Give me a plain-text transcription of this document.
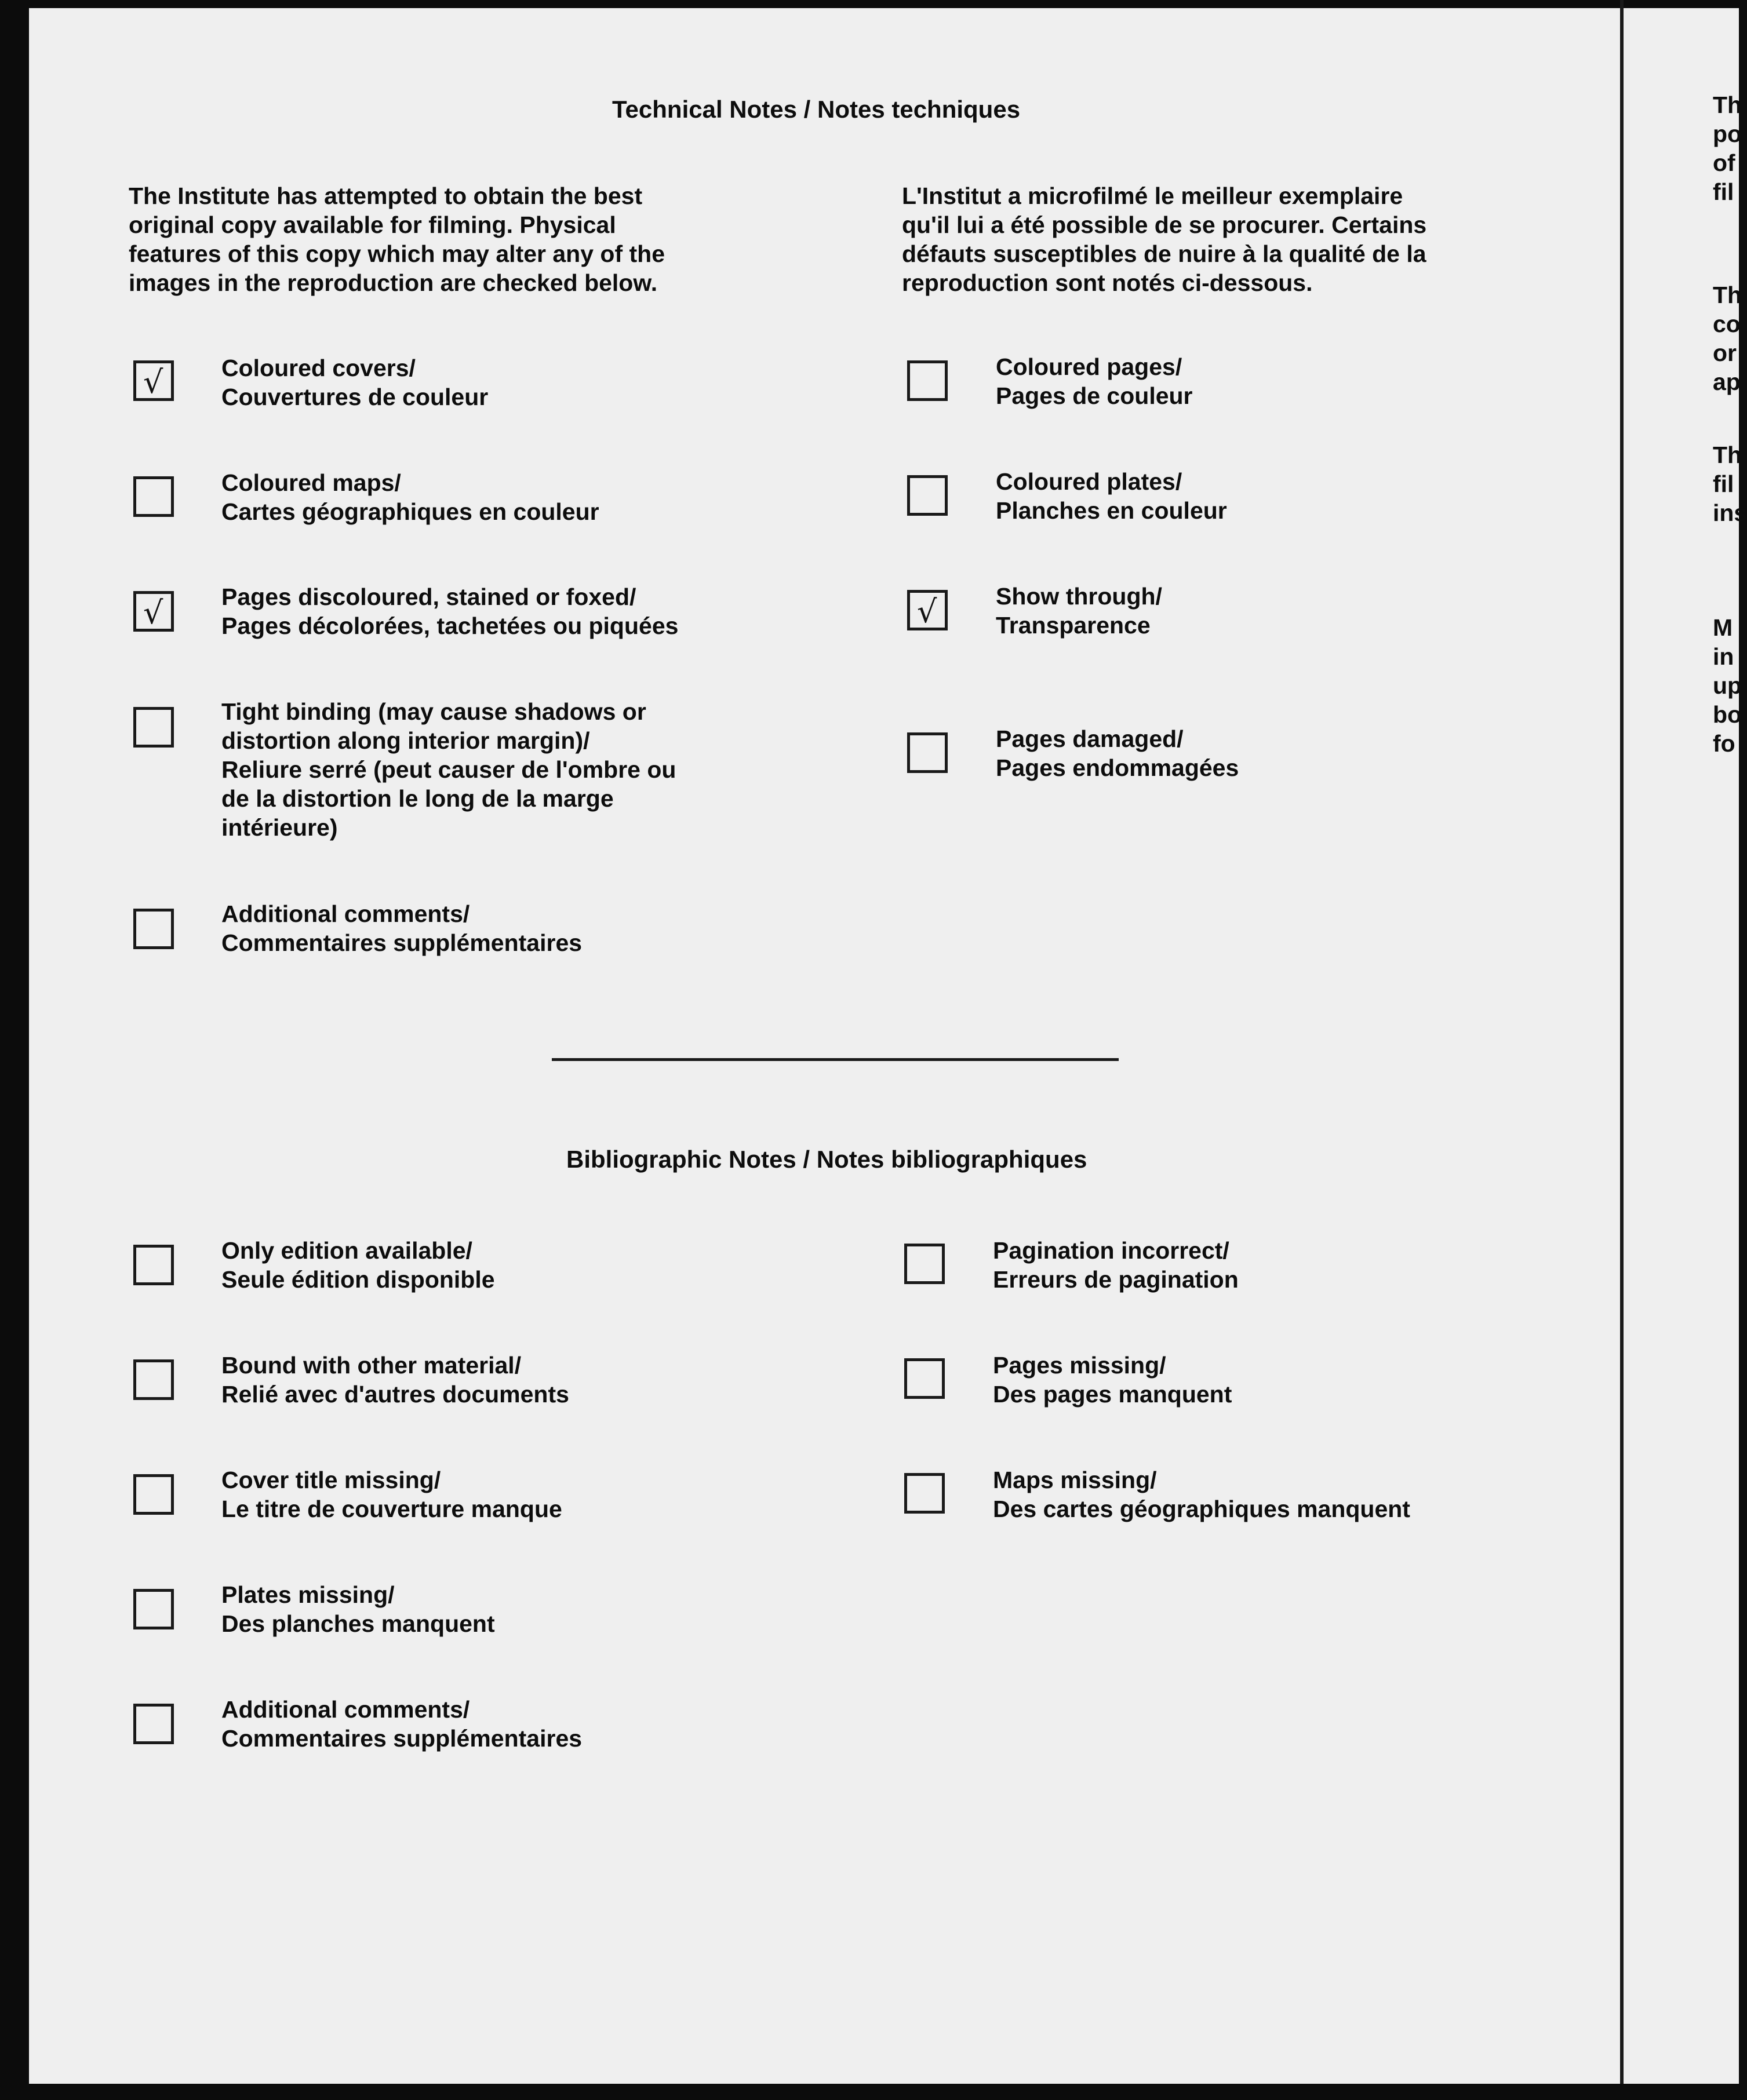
Technical Notes / Notes techniques
The Institute has attempted to obtain the best
original copy available for filming. Physical
features of this copy which may alter any of the
images in the reproduction are checked below.
L'Institut a microfilmé le meilleur exemplaire
qu'il lui a été possible de se procurer. Certains
défauts susceptibles de nuire à la qualité de la
reproduction sont notés ci-dessous.
√ Coloured covers/
Couvertures de couleur
Coloured maps/
Cartes géographiques en couleur
√ Pages discoloured, stained or foxed/
Pages décolorées, tachetées ou piquées
Tight binding (may cause shadows or
distortion along interior margin)/
Reliure serré (peut causer de l'ombre ou
de la distortion le long de la marge
intérieure)
Additional comments/
Commentaires supplémentaires
Coloured pages/
Pages de couleur
Coloured plates/
Planches en couleur
√ Show through/
Transparence
Pages damaged/
Pages endommagées
Bibliographic Notes / Notes bibliographiques
Only edition available/
Seule édition disponible
Bound with other material/
Relié avec d'autres documents
Cover title missing/
Le titre de couverture manque
Plates missing/
Des planches manquent
Additional comments/
Commentaires supplémentaires
Pagination incorrect/
Erreurs de pagination
Pages missing/
Des pages manquent
Maps missing/
Des cartes géographiques manquent
Th
po
of
fil
Th
co
or
ap
Th
fil
ins
M
in
up
bo
fo
